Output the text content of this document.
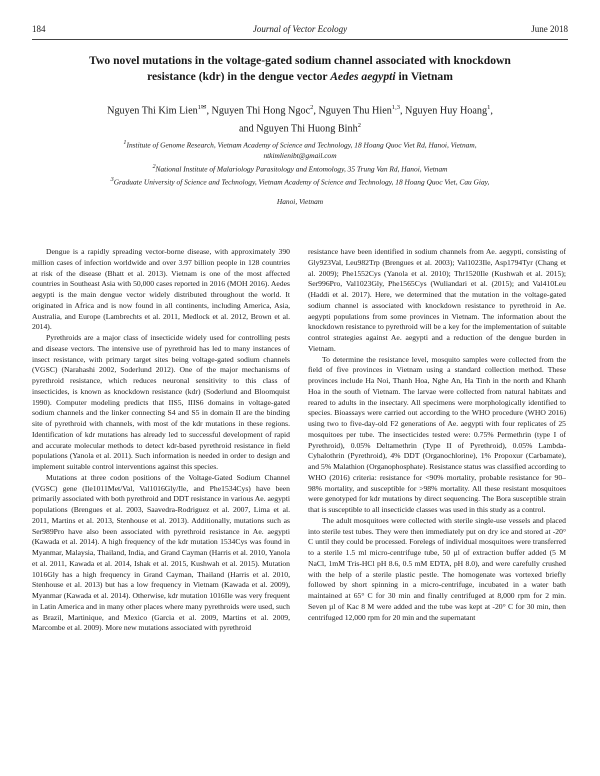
184	Journal of Vector Ecology	June 2018
Two novel mutations in the voltage-gated sodium channel associated with knockdown
resistance (kdr) in the dengue vector Aedes aegypti in Vietnam
Nguyen Thi Kim Lien$^{1✉}$, Nguyen Thi Hong Ngoc$^2$, Nguyen Thu Hien$^{1,3}$, Nguyen Huy Hoang$^1$,
and Nguyen Thi Huong Binh$^2$
$^1$Institute of Genome Research, Vietnam Academy of Science and Technology, 18 Hoang Quoc Viet Rd, Hanoi, Vietnam,
ntkimlienibt@gmail.com
$^2$National Institute of Malariology Parasitology and Entomology, 35 Trung Van Rd, Hanoi, Vietnam
$^3$Graduate University of Science and Technology, Vietnam Academy of Science and Technology, 18 Hoang Quoc Viet, Cau Giay,
Hanoi, Vietnam

Dengue is a rapidly spreading vector-borne disease, with approximately 390 million cases of infection worldwide and over 3.97 billion people in 128 countries at risk of the disease (Bhatt et al. 2013). Vietnam is one of the most affected countries in Southeast Asia with 50,000 cases reported in 2016 (MOH 2016). Aedes aegypti is the main dengue vector widely distributed throughout the world. It originated in Africa and is now found in all continents, including America, Asia, Australia, and Europe (Lambrechts et al. 2011, Medlock et al. 2012, Brown et al. 2014).

Pyrethroids are a major class of insecticide widely used for controlling pests and disease vectors. The intensive use of pyrethroid has led to many instances of insect resistance, with primary target sites being voltage-gated sodium channels (VGSC) (Narahashi 2002, Soderlund 2012). One of the major mechanisms of pyrethroid resistance, which reduces neuronal sensitivity to this class of insecticides, is known as knockdown resistance (kdr) (Soderlund and Bloomquist 1990). Computer modeling predicts that IIS5, IIIS6 domains in voltage-gated sodium channels and the linker connecting S4 and S5 in domain II are the binding site of pyrethroid with channels, with most of the kdr mutations in these regions. Identification of kdr mutations has already led to successful development of rapid and accurate molecular methods to detect kdr-based pyrethroid resistance in field populations (Yanola et al. 2011). Such information is needed in order to design and implement suitable control interventions against this species.

Mutations at three codon positions of the Voltage-Gated Sodium Channel (VGSC) gene (Ile1011Met/Val, Val1016Gly/Ile, and Phe1534Cys) have been primarily associated with both pyrethroid and DDT resistance in various Ae. aegypti populations (Brengues et al. 2003, Saavedra-Rodriguez et al. 2007, Lima et al. 2011, Martins et al. 2013, Stenhouse et al. 2013). Additionally, mutations such as Ser989Pro have also been associated with pyrethroid resistance in Ae. aegypti (Kawada et al. 2014). A high frequency of the kdr mutation 1534Cys was found in Myanmar, Malaysia, Thailand, India, and Grand Cayman (Harris et al. 2010, Yanola et al. 2011, Kawada et al. 2014, Ishak et al. 2015, Kushwah et al. 2015). Mutation 1016Gly has a high frequency in Grand Cayman, Thailand (Harris et al. 2010, Stenhouse et al. 2013) but has a low frequency in Vietnam (Kawada et al. 2009), Myanmar (Kawada et al. 2014). Otherwise, kdr mutation 1016Ile was very frequent in Latin America and in many other places where many pyrethroids were used, such as Brazil, Martinique, and Mexico (Garcia et al. 2009, Martins et al. 2009, Marcombe et al. 2009). More new mutations associated with pyrethroid

resistance have been identified in sodium channels from Ae. aegypti, consisting of Gly923Val, Leu982Trp (Brengues et al. 2003); Val1023Ile, Asp1794Tyr (Chang et al. 2009); Phe1552Cys (Yanola et al. 2010); Thr1520Ile (Kushwah et al. 2015); Ser996Pro, Val1023Gly, Phe1565Cys (Wuliandari et al. (2015); and Val410Leu (Haddi et al. 2017). Here, we determined that the mutation in the voltage-gated sodium channel is associated with knockdown resistance to pyrethroid in Ae. aegypti populations from some provinces in Vietnam. The information about the knockdown resistance to pyrethroid will be a key for the implementation of suitable control strategies against Ae. aegypti and a reduction of the dengue burden in Vietnam.

To determine the resistance level, mosquito samples were collected from the field of five provinces in Vietnam using a standard collection method. These provinces include Ha Noi, Thanh Hoa, Nghe An, Ha Tinh in the north and Khanh Hoa in the south of Vietnam. The larvae were collected from natural habitats and reared to adults in the insectary. All specimens were morphologically identified to species. Bioassays were carried out according to the WHO procedure (WHO 2016) using two to five-day-old F2 generations of Ae. aegypti with four replicates of 25 mosquitoes per tube. The insecticides tested were: 0.75% Permethrin (type I of Pyrethroid), 0.05% Deltamethrin (Type II of Pyrethroid), 0.05% Lambda-Cyhalothrin (Pyrethroid), 4% DDT (Organochlorine), 1% Propoxur (Carbamate), and 5% Malathion (Organophosphate). Resistance status was classified according to WHO (2016) criteria: resistance for <90% mortality, probable resistance for 90–98% mortality, and susceptible for >98% mortality. All these resistant mosquitoes were genotyped for kdr mutations by direct sequencing. The Bora susceptible strain that is susceptible to all insecticide classes was used in this study as a control.

The adult mosquitoes were collected with sterile single-use vessels and placed into sterile test tubes. They were then immediately put on dry ice and stored at -20° C until they could be processed. Forelegs of individual mosquitoes were transferred to a sterile 1.5 ml micro-centrifuge tube, 50 µl of extraction buffer added (5 M NaCl, 1mM Tris-HCl pH 8.6, 0.5 mM EDTA, pH 8.0), and were carefully crushed with the help of a sterile plastic pestle. The homogenate was vortexed briefly followed by short spinning in a micro-centrifuge, incubated in a water bath maintained at 65° C for 30 min and finally centrifuged at 8,000 rpm for 2 min. Seven µl of Kac 8 M were added and the tube was kept at -20° C for 30 min, then centrifuged 12,000 rpm for 20 min and the supernatant
